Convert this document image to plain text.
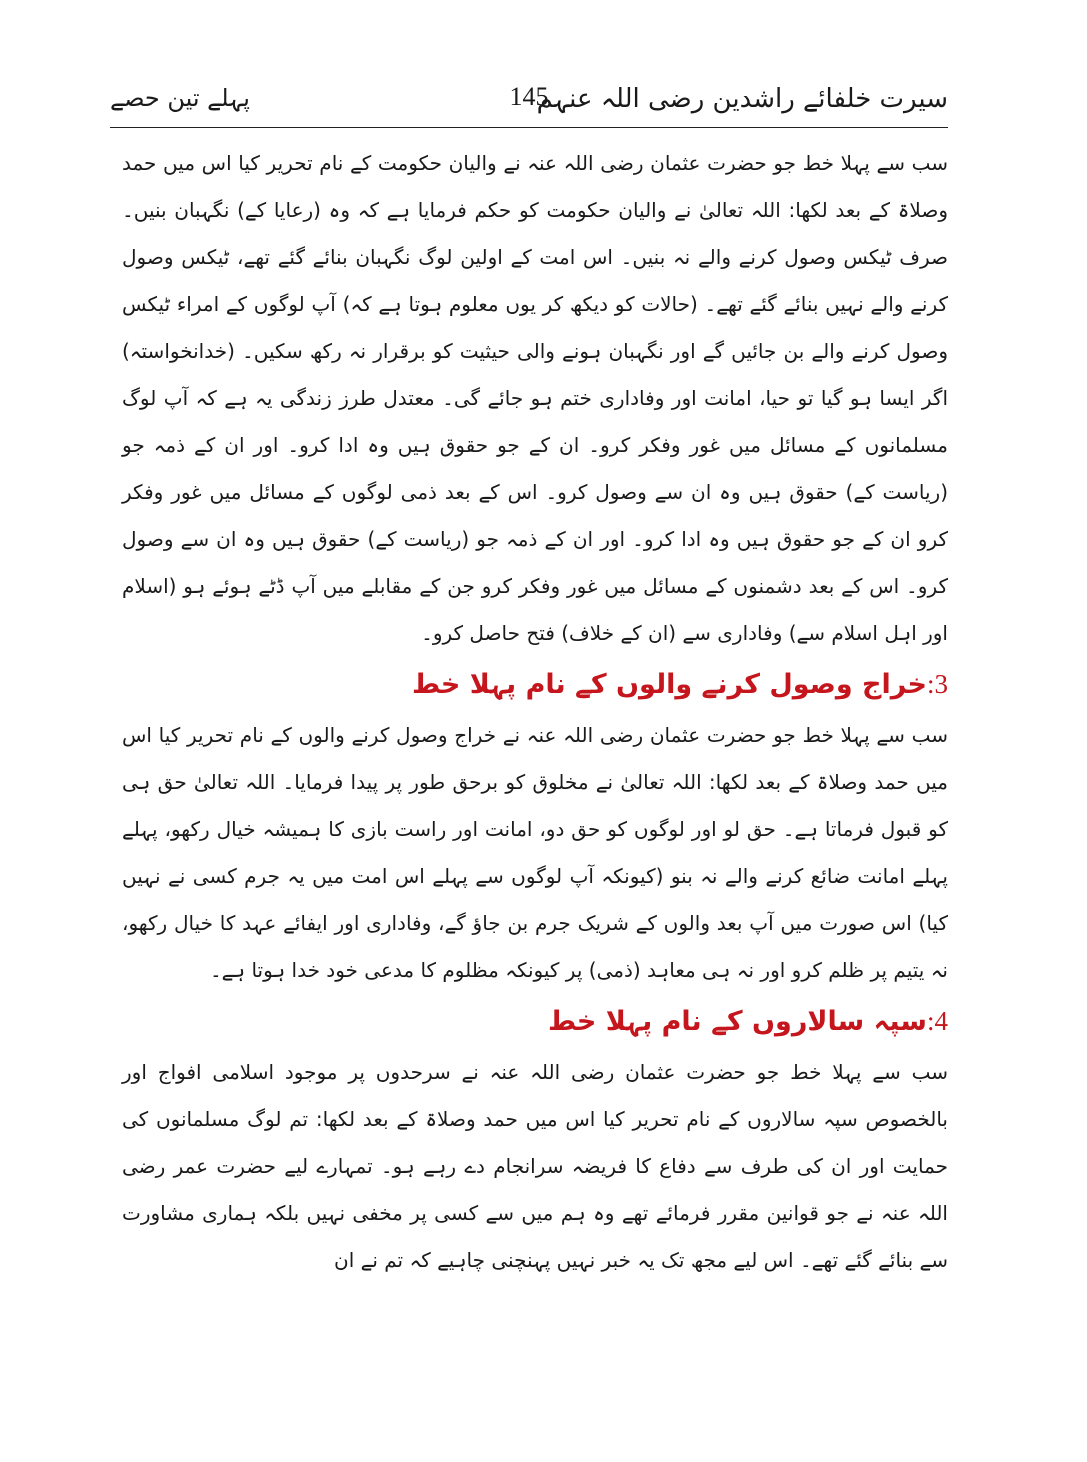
سیرت خلفائے راشدین رضی اللہ عنہم
145
پہلے تین حصے

سب سے پہلا خط جو حضرت عثمان رضی اللہ عنہ نے والیان حکومت کے نام تحریر کیا اس میں حمد وصلاۃ کے بعد لکھا: اللہ تعالیٰ نے والیان حکومت کو حکم فرمایا ہے کہ وہ (رعایا کے) نگہبان بنیں۔ صرف ٹیکس وصول کرنے والے نہ بنیں۔ اس امت کے اولین لوگ نگہبان بنائے گئے تھے، ٹیکس وصول کرنے والے نہیں بنائے گئے تھے۔ (حالات کو دیکھ کر یوں معلوم ہوتا ہے کہ) آپ لوگوں کے امراء ٹیکس وصول کرنے والے بن جائیں گے اور نگہبان ہونے والی حیثیت کو برقرار نہ رکھ سکیں۔ (خدانخواستہ) اگر ایسا ہو گیا تو حیا، امانت اور وفاداری ختم ہو جائے گی۔ معتدل طرز زندگی یہ ہے کہ آپ لوگ مسلمانوں کے مسائل میں غور وفکر کرو۔ ان کے جو حقوق ہیں وہ ادا کرو۔ اور ان کے ذمہ جو (ریاست کے) حقوق ہیں وہ ان سے وصول کرو۔ اس کے بعد ذمی لوگوں کے مسائل میں غور وفکر کرو ان کے جو حقوق ہیں وہ ادا کرو۔ اور ان کے ذمہ جو (ریاست کے) حقوق ہیں وہ ان سے وصول کرو۔ اس کے بعد دشمنوں کے مسائل میں غور وفکر کرو جن کے مقابلے میں آپ ڈٹے ہوئے ہو (اسلام اور اہل اسلام سے) وفاداری سے (ان کے خلاف) فتح حاصل کرو۔

3:خراج وصول کرنے والوں کے نام پہلا خط

سب سے پہلا خط جو حضرت عثمان رضی اللہ عنہ نے خراج وصول کرنے والوں کے نام تحریر کیا اس میں حمد وصلاۃ کے بعد لکھا: اللہ تعالیٰ نے مخلوق کو برحق طور پر پیدا فرمایا۔ اللہ تعالیٰ حق ہی کو قبول فرماتا ہے۔ حق لو اور لوگوں کو حق دو، امانت اور راست بازی کا ہمیشہ خیال رکھو، پہلے پہلے امانت ضائع کرنے والے نہ بنو (کیونکہ آپ لوگوں سے پہلے اس امت میں یہ جرم کسی نے نہیں کیا) اس صورت میں آپ بعد والوں کے شریک جرم بن جاؤ گے، وفاداری اور ایفائے عہد کا خیال رکھو، نہ یتیم پر ظلم کرو اور نہ ہی معاہد (ذمی) پر کیونکہ مظلوم کا مدعی خود خدا ہوتا ہے۔

4:سپہ سالاروں کے نام پہلا خط

سب سے پہلا خط جو حضرت عثمان رضی اللہ عنہ نے سرحدوں پر موجود اسلامی افواج اور بالخصوص سپہ سالاروں کے نام تحریر کیا اس میں حمد وصلاۃ کے بعد لکھا: تم لوگ مسلمانوں کی حمایت اور ان کی طرف سے دفاع کا فریضہ سرانجام دے رہے ہو۔ تمہارے لیے حضرت عمر رضی اللہ عنہ نے جو قوانین مقرر فرمائے تھے وہ ہم میں سے کسی پر مخفی نہیں بلکہ ہماری مشاورت سے بنائے گئے تھے۔ اس لیے مجھ تک یہ خبر نہیں پہنچنی چاہیے کہ تم نے ان
